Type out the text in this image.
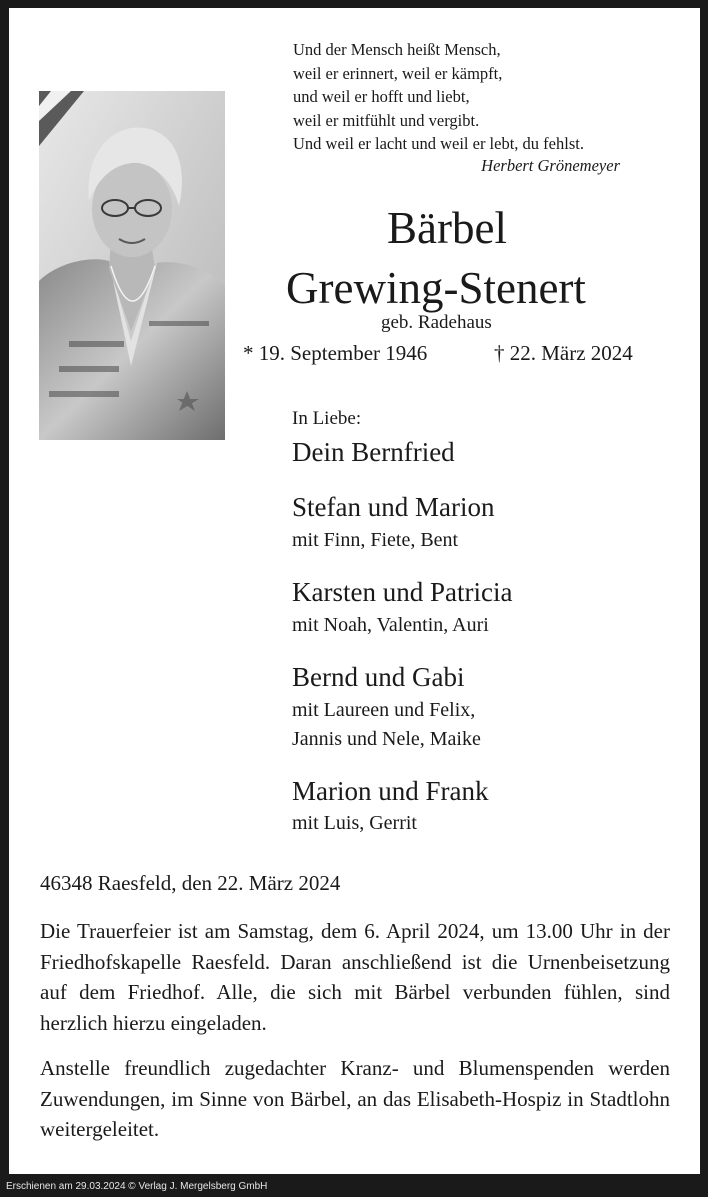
Und der Mensch heißt Mensch,
weil er erinnert, weil er kämpft,
und weil er hofft und liebt,
weil er mitfühlt und vergibt.
Und weil er lacht und weil er lebt, du fehlst.
Herbert Grönemeyer
Bärbel
Grewing-Stenert
geb. Radehaus
* 19. September 1946	† 22. März 2024
In Liebe:
Dein Bernfried
Stefan und Marion
mit Finn, Fiete, Bent
Karsten und Patricia
mit Noah, Valentin, Auri
Bernd und Gabi
mit Laureen und Felix,
Jannis und Nele, Maike
Marion und Frank
mit Luis, Gerrit
46348 Raesfeld, den 22. März 2024
Die Trauerfeier ist am Samstag, dem 6. April 2024, um 13.00 Uhr in der Friedhofskapelle Raesfeld. Daran anschließend ist die Urnenbeisetzung auf dem Friedhof. Alle, die sich mit Bärbel verbunden fühlen, sind herzlich hierzu eingeladen.
Anstelle freundlich zugedachter Kranz- und Blumenspenden werden Zuwendungen, im Sinne von Bärbel, an das Elisabeth-Hospiz in Stadtlohn weitergeleitet.
Erschienen am 29.03.2024 © Verlag J. Mergelsberg GmbH
